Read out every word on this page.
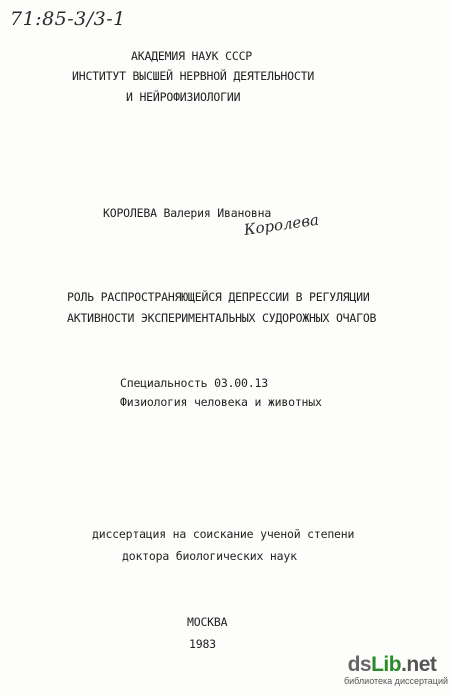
71:85-3/3-1
АКАДЕМИЯ НАУК СССР
ИНСТИТУТ ВЫСШЕЙ НЕРВНОЙ ДЕЯТЕЛЬНОСТИ
И НЕЙРОФИЗИОЛОГИИ
КОРОЛЕВА Валерия Ивановна
Королева
РОЛЬ РАСПРОСТРАНЯЮЩЕЙСЯ ДЕПРЕССИИ В РЕГУЛЯЦИИ
АКТИВНОСТИ ЭКСПЕРИМЕНТАЛЬНЫХ СУДОРОЖНЫХ ОЧАГОВ
Специальность 03.00.13
Физиология человека и животных
диссертация на соискание ученой степени
доктора биологических наук
МОСКВА
1983
dsLib.net
библиотека диссертаций
